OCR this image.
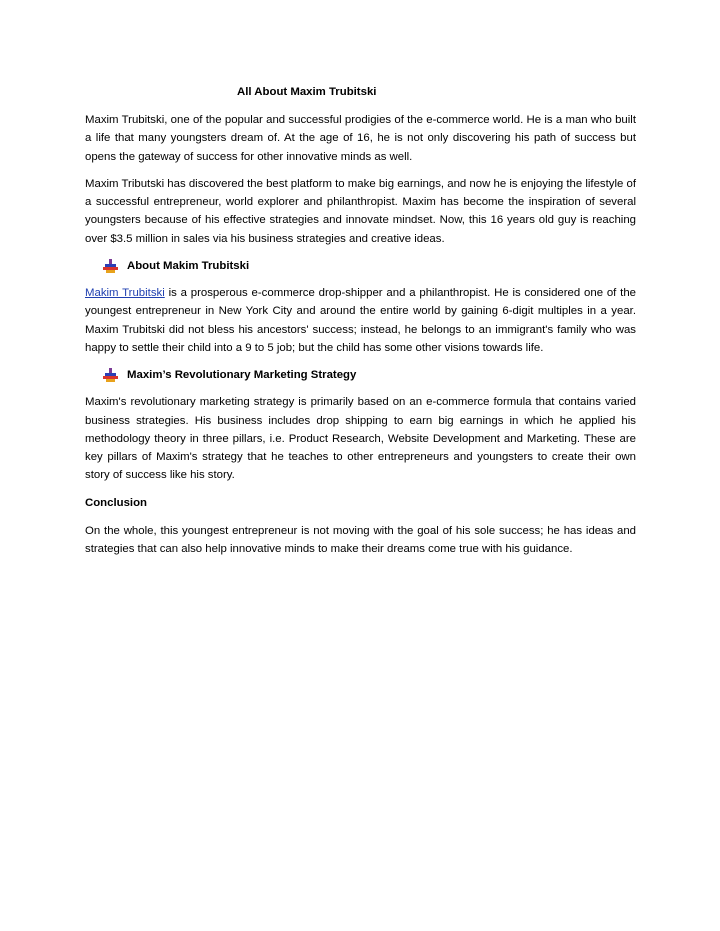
All About Maxim Trubitski

Maxim Trubitski, one of the popular and successful prodigies of the e-commerce world. He is a man who built a life that many youngsters dream of. At the age of 16, he is not only discovering his path of success but opens the gateway of success for other innovative minds as well.

Maxim Tributski has discovered the best platform to make big earnings, and now he is enjoying the lifestyle of a successful entrepreneur, world explorer and philanthropist. Maxim has become the inspiration of several youngsters because of his effective strategies and innovate mindset. Now, this 16 years old guy is reaching over $3.5 million in sales via his business strategies and creative ideas.

About Makim Trubitski

Makim Trubitski is a prosperous e-commerce drop-shipper and a philanthropist. He is considered one of the youngest entrepreneur in New York City and around the entire world by gaining 6-digit multiples in a year. Maxim Trubitski did not bless his ancestors' success; instead, he belongs to an immigrant's family who was happy to settle their child into a 9 to 5 job; but the child has some other visions towards life.

Maxim’s Revolutionary Marketing Strategy

Maxim's revolutionary marketing strategy is primarily based on an e-commerce formula that contains varied business strategies. His business includes drop shipping to earn big earnings in which he applied his methodology theory in three pillars, i.e. Product Research, Website Development and Marketing. These are key pillars of Maxim's strategy that he teaches to other entrepreneurs and youngsters to create their own story of success like his story.

Conclusion

On the whole, this youngest entrepreneur is not moving with the goal of his sole success; he has ideas and strategies that can also help innovative minds to make their dreams come true with his guidance.
